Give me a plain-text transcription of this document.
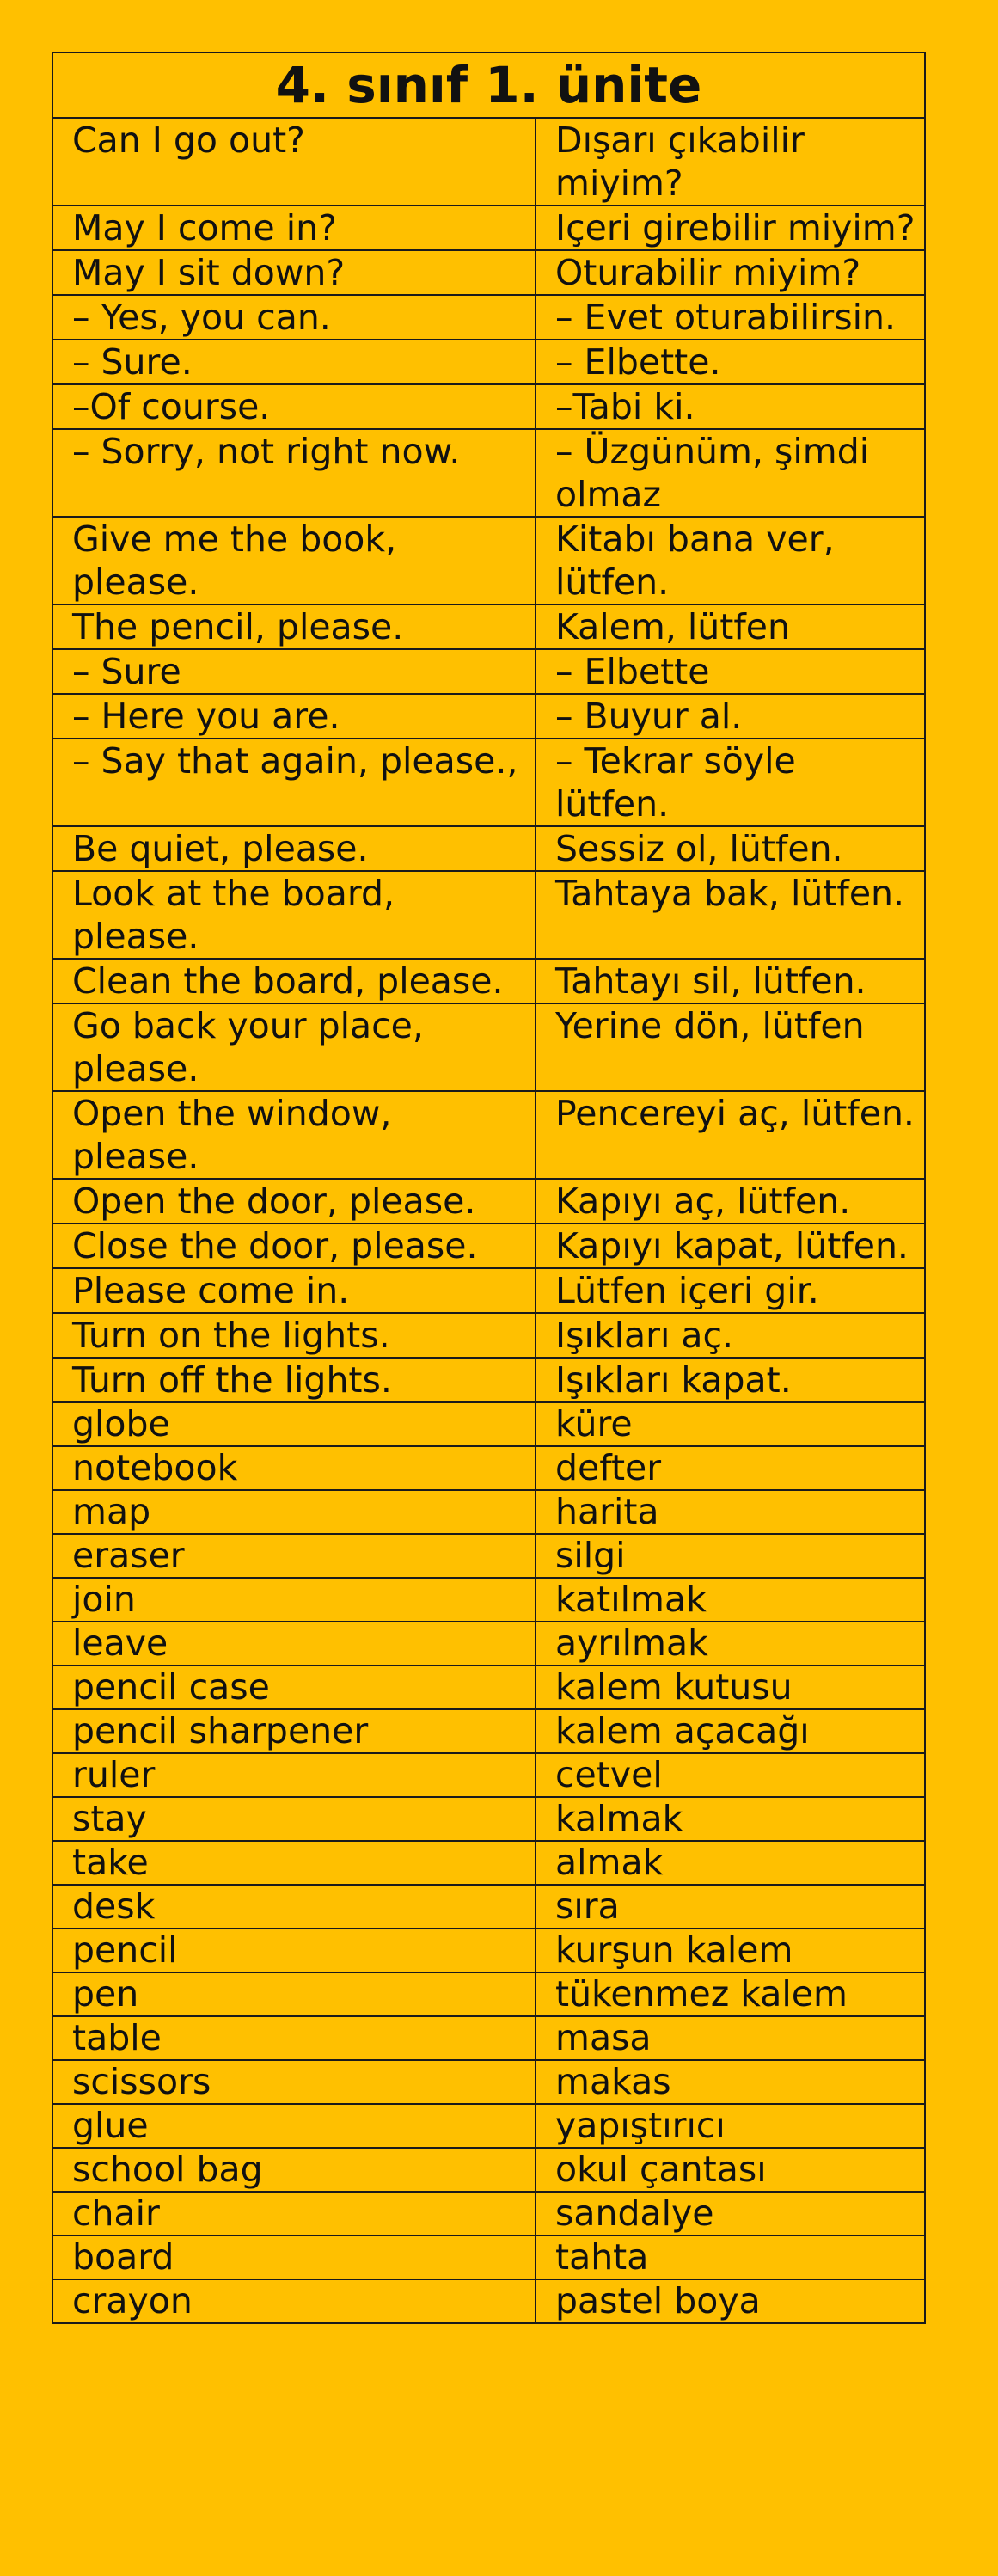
4. sınıf 1. ünite	
Can I go out?	Dışarı çıkabilir miyim?
May I come in?	Içeri girebilir miyim?
May I sit down?	Oturabilir miyim?
– Yes, you can.	– Evet oturabilirsin.
– Sure.	– Elbette.
–Of course.	–Tabi ki.
– Sorry, not right now.	– Üzgünüm, şimdi olmaz
Give me the book, please.	Kitabı bana ver, lütfen.
The pencil, please.	Kalem, lütfen
– Sure	– Elbette
– Here you are.	– Buyur al.
– Say that again, please.,	– Tekrar söyle lütfen.
Be quiet, please.	Sessiz ol, lütfen.
Look at the board, please.	Tahtaya bak, lütfen.
Clean the board, please.	Tahtayı sil, lütfen.
Go back your place, please.	Yerine dön, lütfen
Open the window, please.	Pencereyi aç, lütfen.
Open the door, please.	Kapıyı aç, lütfen.
Close the door, please.	Kapıyı kapat, lütfen.
Please come in.	Lütfen içeri gir.
Turn on the lights.	Işıkları aç.
Turn off the lights.	Işıkları kapat.
globe	küre
notebook	defter
map	harita
eraser	silgi
join	katılmak
leave	ayrılmak
pencil case	kalem kutusu
pencil sharpener	kalem açacağı
ruler	cetvel
stay	kalmak
take	almak
desk	sıra
pencil	kurşun kalem
pen	tükenmez kalem
table	masa
scissors	makas
glue	yapıştırıcı
school bag	okul çantası
chair	sandalye
board	tahta
crayon	pastel boya
